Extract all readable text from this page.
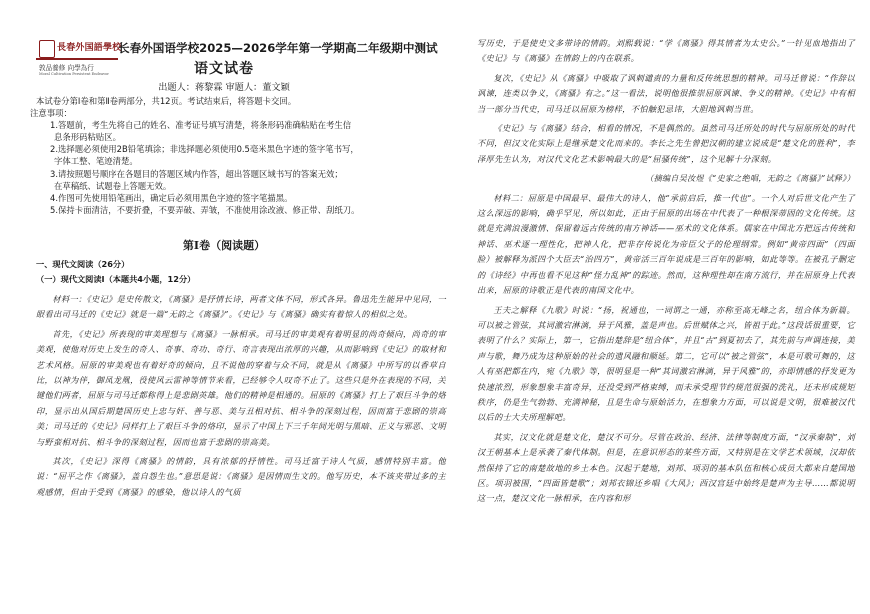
長春外国語學校
敦品養修 向學為行
Moral Cultivation Persistent Endeavor
长春外国语学校2025—2026学年第一学期高二年级期中测试
语文试卷
出题人：蒋黎霖 审题人：董文颖

本试卷分第Ⅰ卷和第Ⅱ卷两部分，共12页。考试结束后，将答题卡交回。

注意事项：

1.答题前，考生先将自己的姓名、准考证号填写清楚，将条形码准确粘贴在考生信

息条形码粘贴区。

2.选择题必须使用2B铅笔填涂；非选择题必须使用0.5毫米黑色字迹的签字笔书写，

字体工整、笔迹清楚。

3.请按照题号顺序在各题目的答题区域内作答，超出答题区域书写的答案无效；

在草稿纸、试题卷上答题无效。

4.作图可先使用铅笔画出，确定后必须用黑色字迹的签字笔描黑。

5.保持卡面清洁，不要折叠，不要弄破、弄皱，不准使用涂改液、修正带、刮纸刀。

第Ⅰ卷（阅读题）
一、现代文阅读（26分）
（一）现代文阅读Ⅰ（本题共4小题，12分）

材料一：《史记》是史传散文，《离骚》是抒情长诗，两者文体不同，形式各异。鲁迅先生能异中见同，一眼看出司马迁的《史记》就是一篇“无韵之《离骚》”。《史记》与《离骚》确实有着惊人的相似之处。

首先，《史记》所表现的审美理想与《离骚》一脉相承。司马迁的审美观有着明显的尚奇倾向，尚奇的审美观，使他对历史上发生的奇人、奇事、奇功、奇行、奇言表现出浓厚的兴趣，从而影响到《史记》的取材和艺术风格。屈原的审美观也有着好奇的倾向，且不说他的穿着与众不同，就是从《离骚》中所写的以香草自比，以神为伴，御凤龙凰，役使风云雷神等情节来看，已经够令人叹奇不止了。这些只是外在表现的不同，关键他们两者，屈原与司马迁都称得上是悲剧英雄。他们的精神是相通的。屈原的《离骚》打上了艰巨斗争的烙印，显示出从国后期楚国历史上忠与奸、善与恶、美与丑相对抗、相斗争的深刻过程，因而富于悲剧的崇高美；司马迁的《史记》同样打上了艰巨斗争的烙印，显示了中国上下三千年间光明与黑暗、正义与邪恶、文明与野蛮相对抗、相斗争的深刻过程，因而也富于悲剧的崇高美。

其次，《史记》深得《离骚》的情韵，具有浓郁的抒情性。司马迁富于诗人气质，感情特别丰富。他说：“屈平之作《离骚》，盖自怨生也。”意思是说：《离骚》是因情而生文的。他写历史，本不该夹带过多的主观感情，但由于受到《离骚》的感染，他以诗人的气质

写历史，于是使史文多带诗的情韵。刘熙载说：“学《离骚》得其情者为太史公。”一针见血地指出了《史记》与《离骚》在情韵上的内在联系。

复次，《史记》从《离骚》中吸取了讽刺谴责的力量和反传统思想的精神。司马迁曾说：“作辞以讽谏，连类以争义，《离骚》有之。”这一看法，说明他很推崇屈原讽谏、争义的精神。《史记》中有相当一部分当代史，司马迁以屈原为榜样，不怕触犯忌讳，大胆地讽刺当世。

《史记》与《离骚》结合，相看的情况，不是偶然的。虽然司马迁所处的时代与屈原所处的时代不同，但汉文化实际上是继承楚文化而来的。李长之先生曾把汉朝的建立说成是“楚文化的胜利”，李泽厚先生认为，对汉代文化艺术影响最大的是“屈骚传统”，这个见解十分深刻。

（摘编自吴汝煜《“史家之绝唱，无韵之《离骚》”试释》）

材料二：屈原是中国最早、最伟大的诗人，他“承前启后，推一代也”。一个人对后世文化产生了这么深远的影响，确乎罕见，所以如此，正由于屈原的出场在中代表了一种根深蒂固的文化传统。这就是充满浪漫激情、保留着远古传统的南方神话——巫术的文化体系。儒家在中国北方把远古传统和神话、巫术逐一理性化，把神人化，把非存传说化为帝臣父子的伦理纲常。例如“黄帝四面”（四面脸）被解释为派四个大臣去“治四方”，黄帝活三百年说成是三百年的影响，如此等等。在被孔子删定的《诗经》中再也看不见这种“怪力乱神”的踪迹。然而，这种理性却在南方流行，并在屈原身上代表出来，屈原的诗歌正是代表的南国文化中。

王夫之解释《九歌》时说：“扬，祝通也，一词谓之一通，亦称至高无峰之名，纽合体为新篇。可以被之管弦，其词激宕淋漓，异于风雅，盖是声也。后世赋体之兴，皆祖于此。”这段话很重要，它表明了什么？实际上，第一，它指出楚辞是“纽合体”，并且“古”到夏初去了，其先前与声调连接，美声与歌，舞乃成为这种原始的社会的遗风融和顺延。第二，它可以“被之管弦”，本是可歌可舞的，这人有巫把都在内，宛《九歌》等，很明显是一种“其词激宕淋漓，异于风雅”的，亦即情感的抒发更为快速浓烈，形象想象丰富奇异，还没受到严格束缚，而未承受理节约规范很强的洗礼，还未形成规矩秩序，仍是生气勃勃、充满神秘，且是生命与原始活力，在想象力方面，可以说是文明，很难被汉代以后的士大夫所理解吧。

其实，汉文化就是楚文化，楚汉不可分。尽管在政治、经济、法律等制度方面，“汉承秦制”，刘汉王朝基本上是承袭了秦代体制。但是，在意识形态的某些方面，又特别是在文学艺术领域，汉却依然保持了它的南楚故地的乡土本色。汉起于楚地，刘邦、项羽的基本队伍和核心成员大都来自楚国地区。项羽被围，“四面皆楚歌”；刘邦衣锦还乡唱《大风》；西汉宫廷中始终是楚声为主导……都说明这一点，楚汉文化一脉相承，在内容和形
